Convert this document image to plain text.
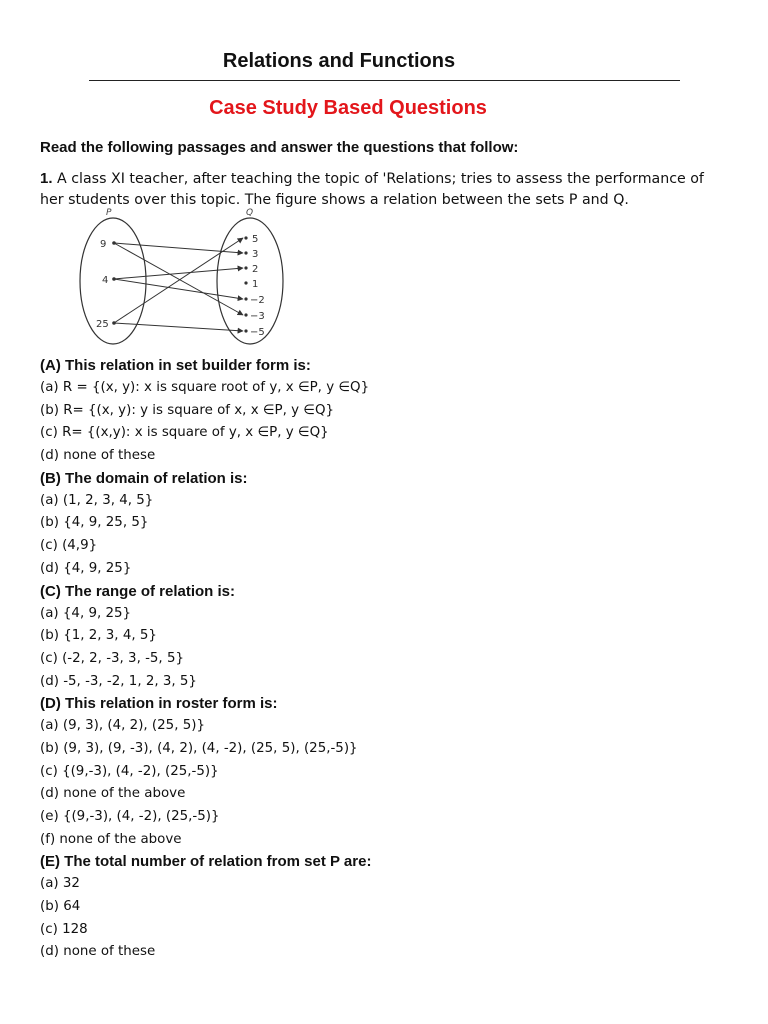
Relations and Functions
Case Study Based Questions

Read the following passages and answer the questions that follow:

1. A class XI teacher, after teaching the topic of 'Relations; tries to assess the performance of her students over this topic. The figure shows a relation between the sets P and Q.

P	Q
9
4
25
5
3
2
1
−2
−3
−5

(A) This relation in set builder form is:

(a) R = {(x, y): x is square root of y, x ∈P, y ∈Q}

(b) R= {(x, y): y is square of x, x ∈P, y ∈Q}

(c) R= {(x,y): x is square of y, x ∈P, y ∈Q}

(d) none of these

(B) The domain of relation is:

(a) (1, 2, 3, 4, 5}

(b) {4, 9, 25, 5}

(c) (4,9}

(d) {4, 9, 25}

(C) The range of relation is:

(a) {4, 9, 25}

(b) {1, 2, 3, 4, 5}

(c) (-2, 2, -3, 3, -5, 5}

(d) -5, -3, -2, 1, 2, 3, 5}

(D) This relation in roster form is:

(a) (9, 3), (4, 2), (25, 5)}

(b) (9, 3), (9, -3), (4, 2), (4, -2), (25, 5), (25,-5)}

(c) {(9,-3), (4, -2), (25,-5)}

(d) none of the above

(e) {(9,-3), (4, -2), (25,-5)}

(f) none of the above

(E) The total number of relation from set P are:

(a) 32

(b) 64

(c) 128

(d) none of these
